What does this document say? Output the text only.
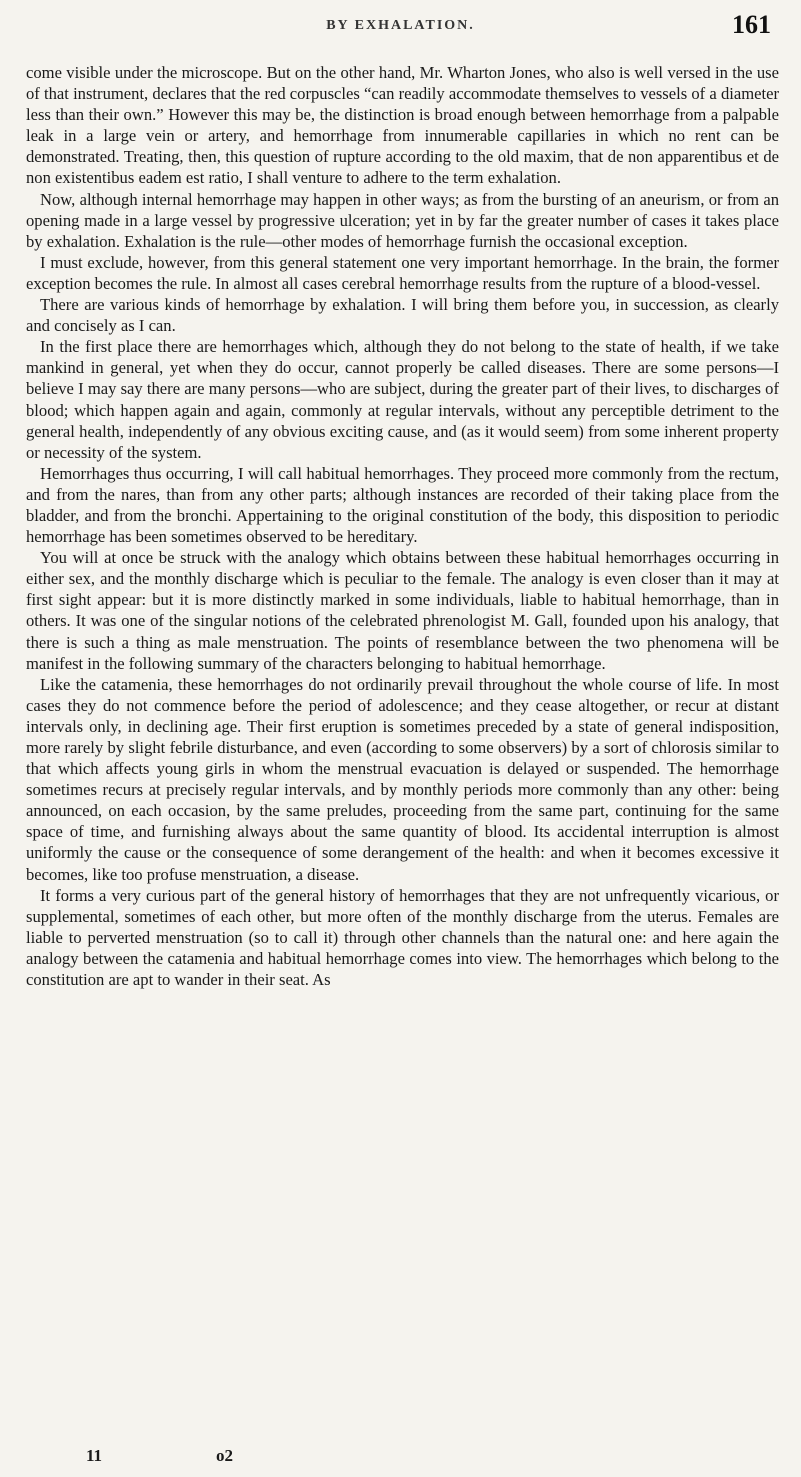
BY EXHALATION.	161

come visible under the microscope. But on the other hand, Mr. Wharton Jones, who also is well versed in the use of that instrument, declares that the red corpuscles “can readily accommodate themselves to vessels of a diameter less than their own.” However this may be, the distinction is broad enough between hemorrhage from a palpable leak in a large vein or artery, and hemorrhage from innumerable capillaries in which no rent can be demonstrated. Treating, then, this question of rupture according to the old maxim, that de non apparentibus et de non existentibus eadem est ratio, I shall venture to adhere to the term exhalation.

Now, although internal hemorrhage may happen in other ways; as from the bursting of an aneurism, or from an opening made in a large vessel by progressive ulceration; yet in by far the greater number of cases it takes place by exhalation. Exhalation is the rule—other modes of hemorrhage furnish the occasional exception.

I must exclude, however, from this general statement one very important hemorrhage. In the brain, the former exception becomes the rule. In almost all cases cerebral hemorrhage results from the rupture of a blood-vessel.

There are various kinds of hemorrhage by exhalation. I will bring them before you, in succession, as clearly and concisely as I can.

In the first place there are hemorrhages which, although they do not belong to the state of health, if we take mankind in general, yet when they do occur, cannot properly be called diseases. There are some persons—I believe I may say there are many persons—who are subject, during the greater part of their lives, to discharges of blood; which happen again and again, commonly at regular intervals, without any perceptible detriment to the general health, independently of any obvious exciting cause, and (as it would seem) from some inherent property or necessity of the system.

Hemorrhages thus occurring, I will call habitual hemorrhages. They proceed more commonly from the rectum, and from the nares, than from any other parts; although instances are recorded of their taking place from the bladder, and from the bronchi. Appertaining to the original constitution of the body, this disposition to periodic hemorrhage has been sometimes observed to be hereditary.

You will at once be struck with the analogy which obtains between these habitual hemorrhages occurring in either sex, and the monthly discharge which is peculiar to the female. The analogy is even closer than it may at first sight appear: but it is more distinctly marked in some individuals, liable to habitual hemorrhage, than in others. It was one of the singular notions of the celebrated phrenologist M. Gall, founded upon his analogy, that there is such a thing as male menstruation. The points of resemblance between the two phenomena will be manifest in the following summary of the characters belonging to habitual hemorrhage.

Like the catamenia, these hemorrhages do not ordinarily prevail throughout the whole course of life. In most cases they do not commence before the period of adolescence; and they cease altogether, or recur at distant intervals only, in declining age. Their first eruption is sometimes preceded by a state of general indisposition, more rarely by slight febrile disturbance, and even (according to some observers) by a sort of chlorosis similar to that which affects young girls in whom the menstrual evacuation is delayed or suspended. The hemorrhage sometimes recurs at precisely regular intervals, and by monthly periods more commonly than any other: being announced, on each occasion, by the same preludes, proceeding from the same part, continuing for the same space of time, and furnishing always about the same quantity of blood. Its accidental interruption is almost uniformly the cause or the consequence of some derangement of the health: and when it becomes excessive it becomes, like too profuse menstruation, a disease.

It forms a very curious part of the general history of hemorrhages that they are not unfrequently vicarious, or supplemental, sometimes of each other, but more often of the monthly discharge from the uterus. Females are liable to perverted menstruation (so to call it) through other channels than the natural one: and here again the analogy between the catamenia and habitual hemorrhage comes into view. The hemorrhages which belong to the constitution are apt to wander in their seat. As

11	o2
